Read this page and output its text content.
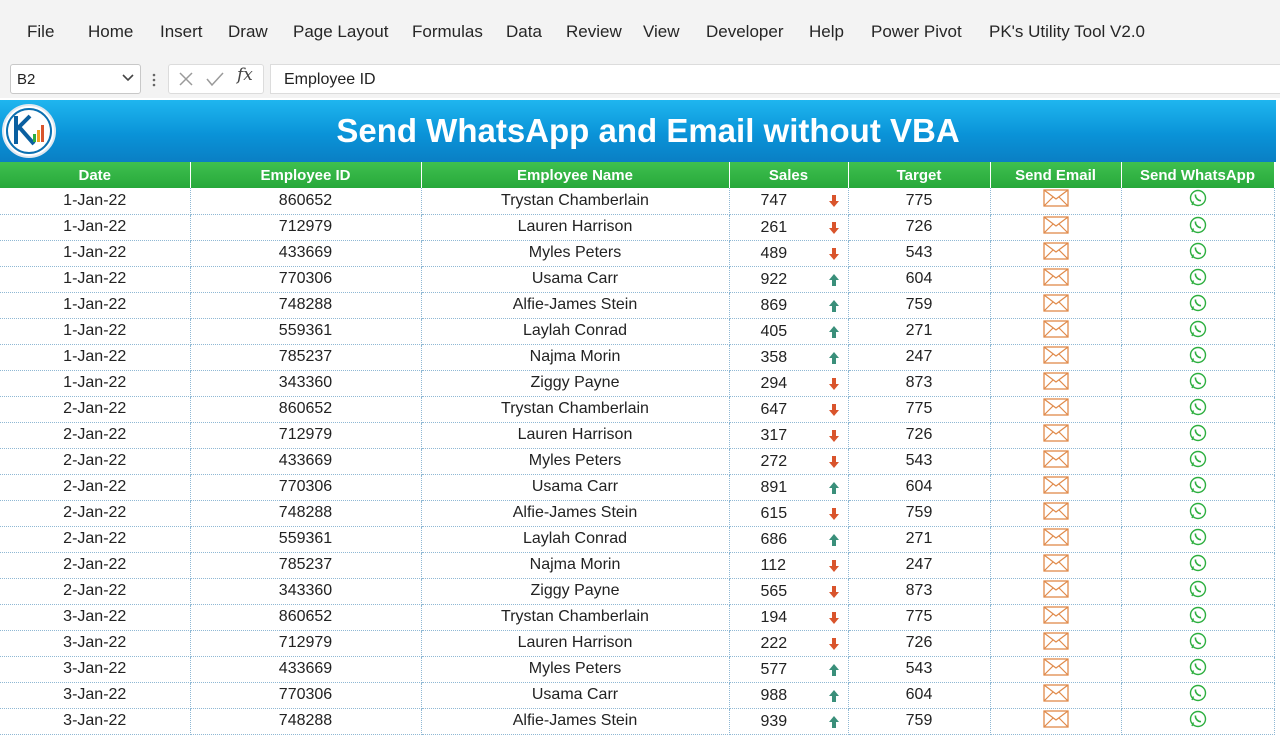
File Home Insert Draw Page Layout Formulas Data Review View Developer Help Power Pivot PK's Utility Tool V2.0
B2	fx Employee ID
Send WhatsApp and Email without VBA
Date	Employee ID	Employee Name	Sales	Target	Send Email	Send WhatsApp
1-Jan-22	860652	Trystan Chamberlain	747	775		
1-Jan-22	712979	Lauren Harrison	261	726		
1-Jan-22	433669	Myles Peters	489	543		
1-Jan-22	770306	Usama Carr	922	604		
1-Jan-22	748288	Alfie-James Stein	869	759		
1-Jan-22	559361	Laylah Conrad	405	271		
1-Jan-22	785237	Najma Morin	358	247		
1-Jan-22	343360	Ziggy Payne	294	873		
2-Jan-22	860652	Trystan Chamberlain	647	775		
2-Jan-22	712979	Lauren Harrison	317	726		
2-Jan-22	433669	Myles Peters	272	543		
2-Jan-22	770306	Usama Carr	891	604		
2-Jan-22	748288	Alfie-James Stein	615	759		
2-Jan-22	559361	Laylah Conrad	686	271		
2-Jan-22	785237	Najma Morin	112	247		
2-Jan-22	343360	Ziggy Payne	565	873		
3-Jan-22	860652	Trystan Chamberlain	194	775		
3-Jan-22	712979	Lauren Harrison	222	726		
3-Jan-22	433669	Myles Peters	577	543		
3-Jan-22	770306	Usama Carr	988	604		
3-Jan-22	748288	Alfie-James Stein	939	759		
